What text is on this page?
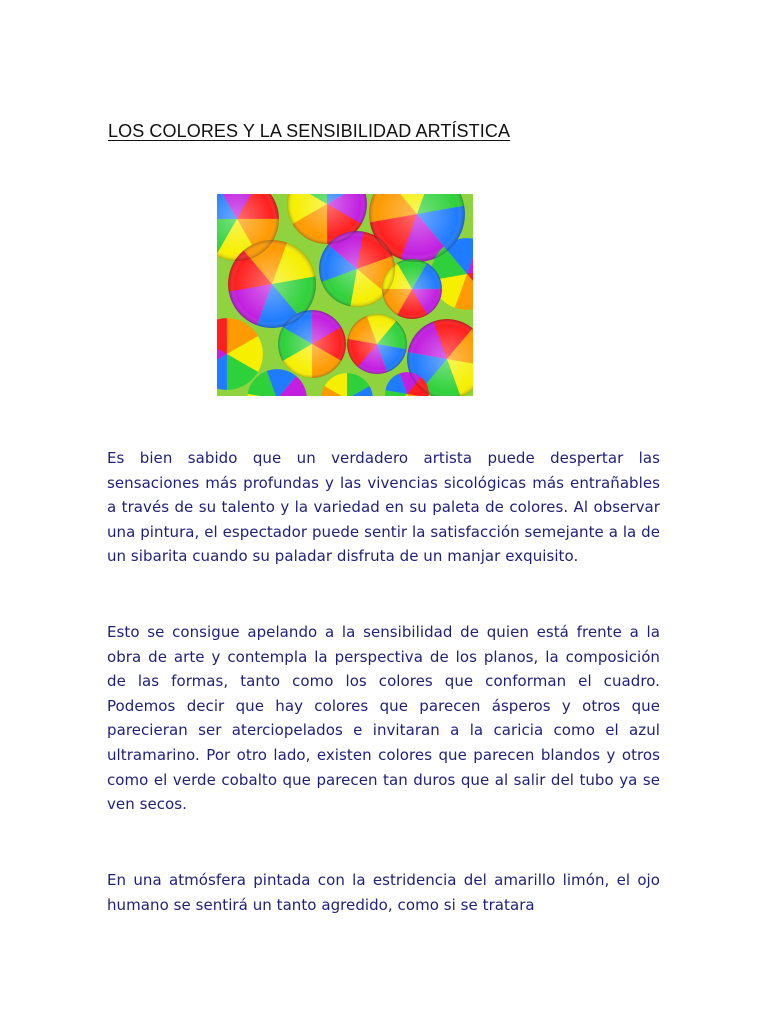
LOS COLORES Y LA SENSIBILIDAD ARTÍSTICA

Es bien sabido que un verdadero artista puede despertar las sensaciones más profundas y las vivencias sicológicas más entrañables a través de su talento y la variedad en su paleta de colores. Al observar una pintura, el espectador puede sentir la satisfacción semejante a la de un sibarita cuando su paladar disfruta de un manjar exquisito.

Esto se consigue apelando a la sensibilidad de quien está frente a la obra de arte y contempla la perspectiva de los planos, la composición de las formas, tanto como los colores que conforman el cuadro. Podemos decir que hay colores que parecen ásperos y otros que parecieran ser aterciopelados e invitaran a la caricia como el azul ultramarino. Por otro lado, existen colores que parecen blandos y otros como el verde cobalto que parecen tan duros que al salir del tubo ya se ven secos.

En una atmósfera pintada con la estridencia del amarillo limón, el ojo humano se sentirá un tanto agredido, como si se tratara
